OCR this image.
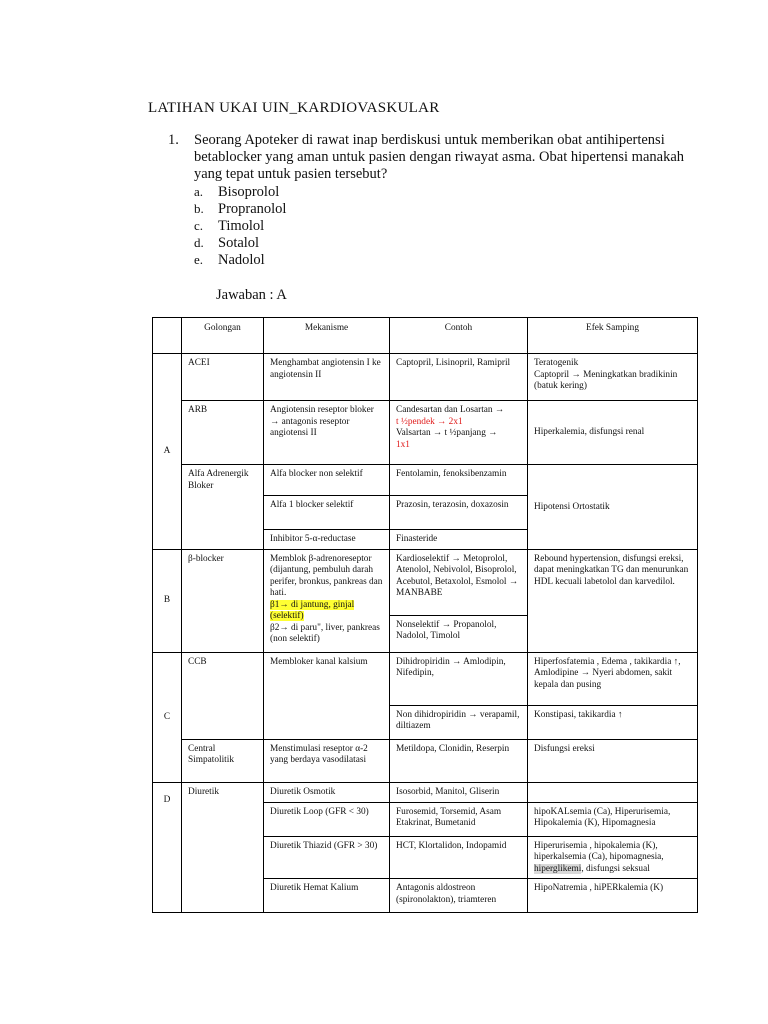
LATIHAN UKAI UIN_KARDIOVASKULAR
1. Seorang Apoteker di rawat inap berdiskusi untuk memberikan obat antihipertensi betablocker yang aman untuk pasien dengan riwayat asma. Obat hipertensi manakah yang tepat untuk pasien tersebut?
a. Bisoprolol
b. Propranolol
c. Timolol
d. Sotalol
e. Nadolol
Jawaban : A
	Golongan	Mekanisme	Contoh	Efek Samping
A	ACEI	Menghambat angiotensin I ke angiotensin II	Captopril, Lisinopril, Ramipril	Teratogenik
Captopril → Meningkatkan bradikinin (batuk kering)

	ARB	Angiotensin reseptor bloker → antagonis reseptor angiotensi II	Candesartan dan Losartan →
t ½pendek → 2x1
Valsartan → t ½panjang →
1x1	Hiperkalemia, disfungsi renal
	Alfa Adrenergik Bloker	Alfa blocker non selektif	Fentolamin, fenoksibenzamin	Hipotensi Ortostatik
		Alfa 1 blocker selektif	Prazosin, terazosin, doxazosin	
		Inhibitor 5-α-reductase	Finasteride	
B	β-blocker	Memblok β-adrenoreseptor (dijantung, pembuluh darah perifer, bronkus, pankreas dan hati.
β1→ di jantung, ginjal (selektif)
β2→ di paru", liver, pankreas (non selektif)	Kardioselektif → Metoprolol, Atenolol, Nebivolol, Bisoprolol, Acebutol, Betaxolol, Esmolol → MANBABE	Rebound hypertension, disfungsi ereksi, dapat meningkatkan TG dan menurunkan HDL kecuali labetolol dan karvedilol.
			Nonselektif → Propanolol, Nadolol, Timolol	
C	CCB	Membloker kanal kalsium	Dihidropiridin → Amlodipin, Nifedipin,	Hiperfosfatemia , Edema , takikardia ↑,
Amlodipine → Nyeri abdomen, sakit kepala dan pusing

			Non dihidropiridin → verapamil, diltiazem	Konstipasi, takikardia ↑
	Central Simpatolitik	Menstimulasi reseptor α-2 yang berdaya vasodilatasi	Metildopa, Clonidin, Reserpin	Disfungsi ereksi
D	Diuretik	Diuretik Osmotik	Isosorbid, Manitol, Gliserin	
		Diuretik Loop (GFR < 30)	Furosemid, Torsemid, Asam Etakrinat, Bumetanid	hipoKALsemia (Ca), Hiperurisemia, Hipokalemia (K), Hipomagnesia
		Diuretik Thiazid (GFR > 30)	HCT, Klortalidon, Indopamid	Hiperurisemia , hipokalemia (K), hiperkalsemia (Ca), hipomagnesia, hiperglikemi, disfungsi seksual
		Diuretik Hemat Kalium	Antagonis aldostreon (spironolakton), triamteren	HipoNatremia , hiPERkalemia (K)
